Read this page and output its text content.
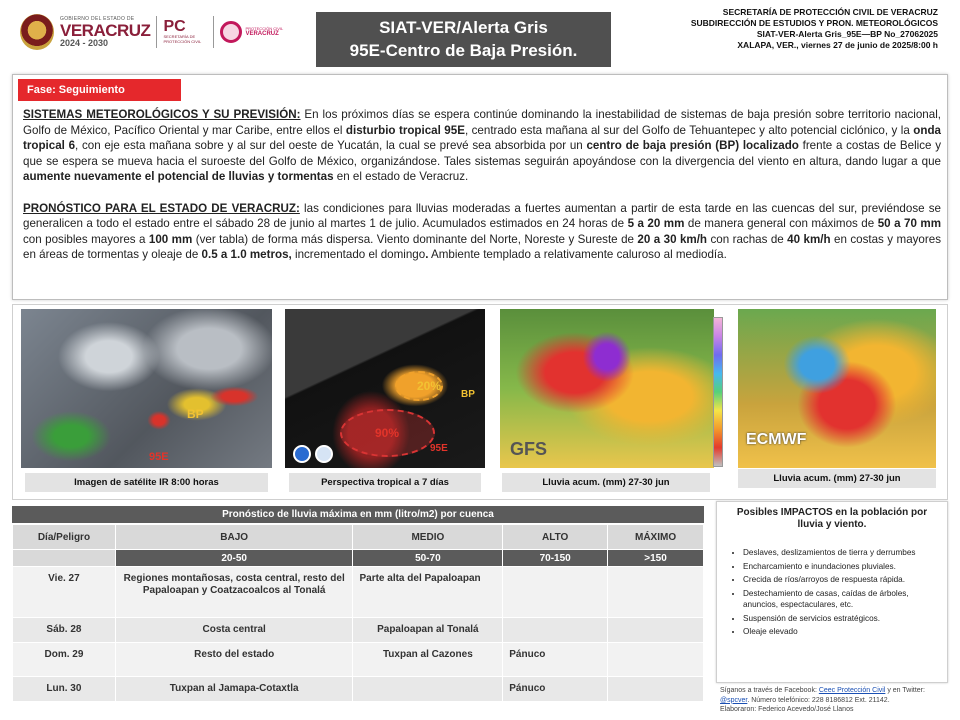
GOBIERNO DEL ESTADO DE
VERACRUZ
2024 - 2030
PC
SECRETARÍA DE PROTECCIÓN CIVIL
PROTECCIÓN CIVIL
VERACRUZ	SIAT-VER/Alerta Gris
95E-Centro de Baja Presión.
SECRETARÍA DE PROTECCIÓN CIVIL DE VERACRUZ
SUBDIRECCIÓN DE ESTUDIOS Y PRON. METEOROLÓGICOS
SIAT-VER-Alerta Gris_95E—BP No_27062025
XALAPA, VER., viernes 27 de junio de 2025/8:00 h
Fase: Seguimiento

SISTEMAS METEOROLÓGICOS Y SU PREVISIÓN: En los próximos días se espera continúe dominando la inestabilidad de sistemas de baja presión sobre territorio nacional, Golfo de México, Pacífico Oriental y mar Caribe, entre ellos el disturbio tropical 95E, centrado esta mañana al sur del Golfo de Tehuantepec y alto potencial ciclónico, y la onda tropical 6, con eje esta mañana sobre y al sur del oeste de Yucatán, la cual se prevé sea absorbida por un centro de baja presión (BP) localizado frente a costas de Belice y que se espera se mueva hacia el suroeste del Golfo de México, organizándose. Tales sistemas seguirán apoyándose con la divergencia del viento en altura, dando lugar a que aumente nuevamente el potencial de lluvias y tormentas en el estado de Veracruz.

PRONÓSTICO PARA EL ESTADO DE VERACRUZ: las condiciones para lluvias moderadas a fuertes aumentan a partir de esta tarde en las cuencas del sur, previéndose se generalicen a todo el estado entre el sábado 28 de junio al martes 1 de julio. Acumulados estimados en 24 horas de 5 a 20 mm de manera general con máximos de 50 a 70 mm con posibles mayores a 100 mm (ver tabla) de forma más dispersa. Viento dominante del Norte, Noreste y Sureste de 20 a 30 km/h con rachas de 40 km/h en costas y mayores en áreas de tormentas y oleaje de 0.5 a 1.0 metros, incrementado el domingo. Ambiente templado a relativamente caluroso al mediodía.

BP
95E
Imagen de satélite IR 8:00 horas
20%
BP
90%
95E
Perspectiva tropical a 7 días
GFS
Lluvia acum. (mm) 27-30 jun
ECMWF
Lluvia acum. (mm) 27-30 jun
Pronóstico de lluvia máxima en mm (litro/m2) por cuenca
Día/Peligro	BAJO	MEDIO	ALTO	MÁXIMO
	20-50	50-70	70-150	>150
Vie. 27	Regiones montañosas, costa central, resto del Papaloapan y Coatzacoalcos al Tonalá	Parte alta del Papaloapan		
Sáb. 28	Costa central	Papaloapan al Tonalá		
Dom. 29	Resto del estado	Tuxpan al Cazones	Pánuco	
Lun. 30	Tuxpan al Jamapa-Cotaxtla		Pánuco	
Posibles IMPACTOS en la población por lluvia y viento.
• Deslaves, deslizamientos de tierra y derrumbes
• Encharcamiento e inundaciones pluviales.
• Crecida de ríos/arroyos de respuesta rápida.
• Destechamiento de casas, caídas de árboles, anuncios, espectaculares, etc.
• Suspensión de servicios estratégicos.
• Oleaje elevado
Síganos a través de Facebook: Ceec Protección Civil y en Twitter: @spcver. Número telefónico: 228 8186812 Ext. 21142.
Elaboraron: Federico Acevedo/José Llanos
